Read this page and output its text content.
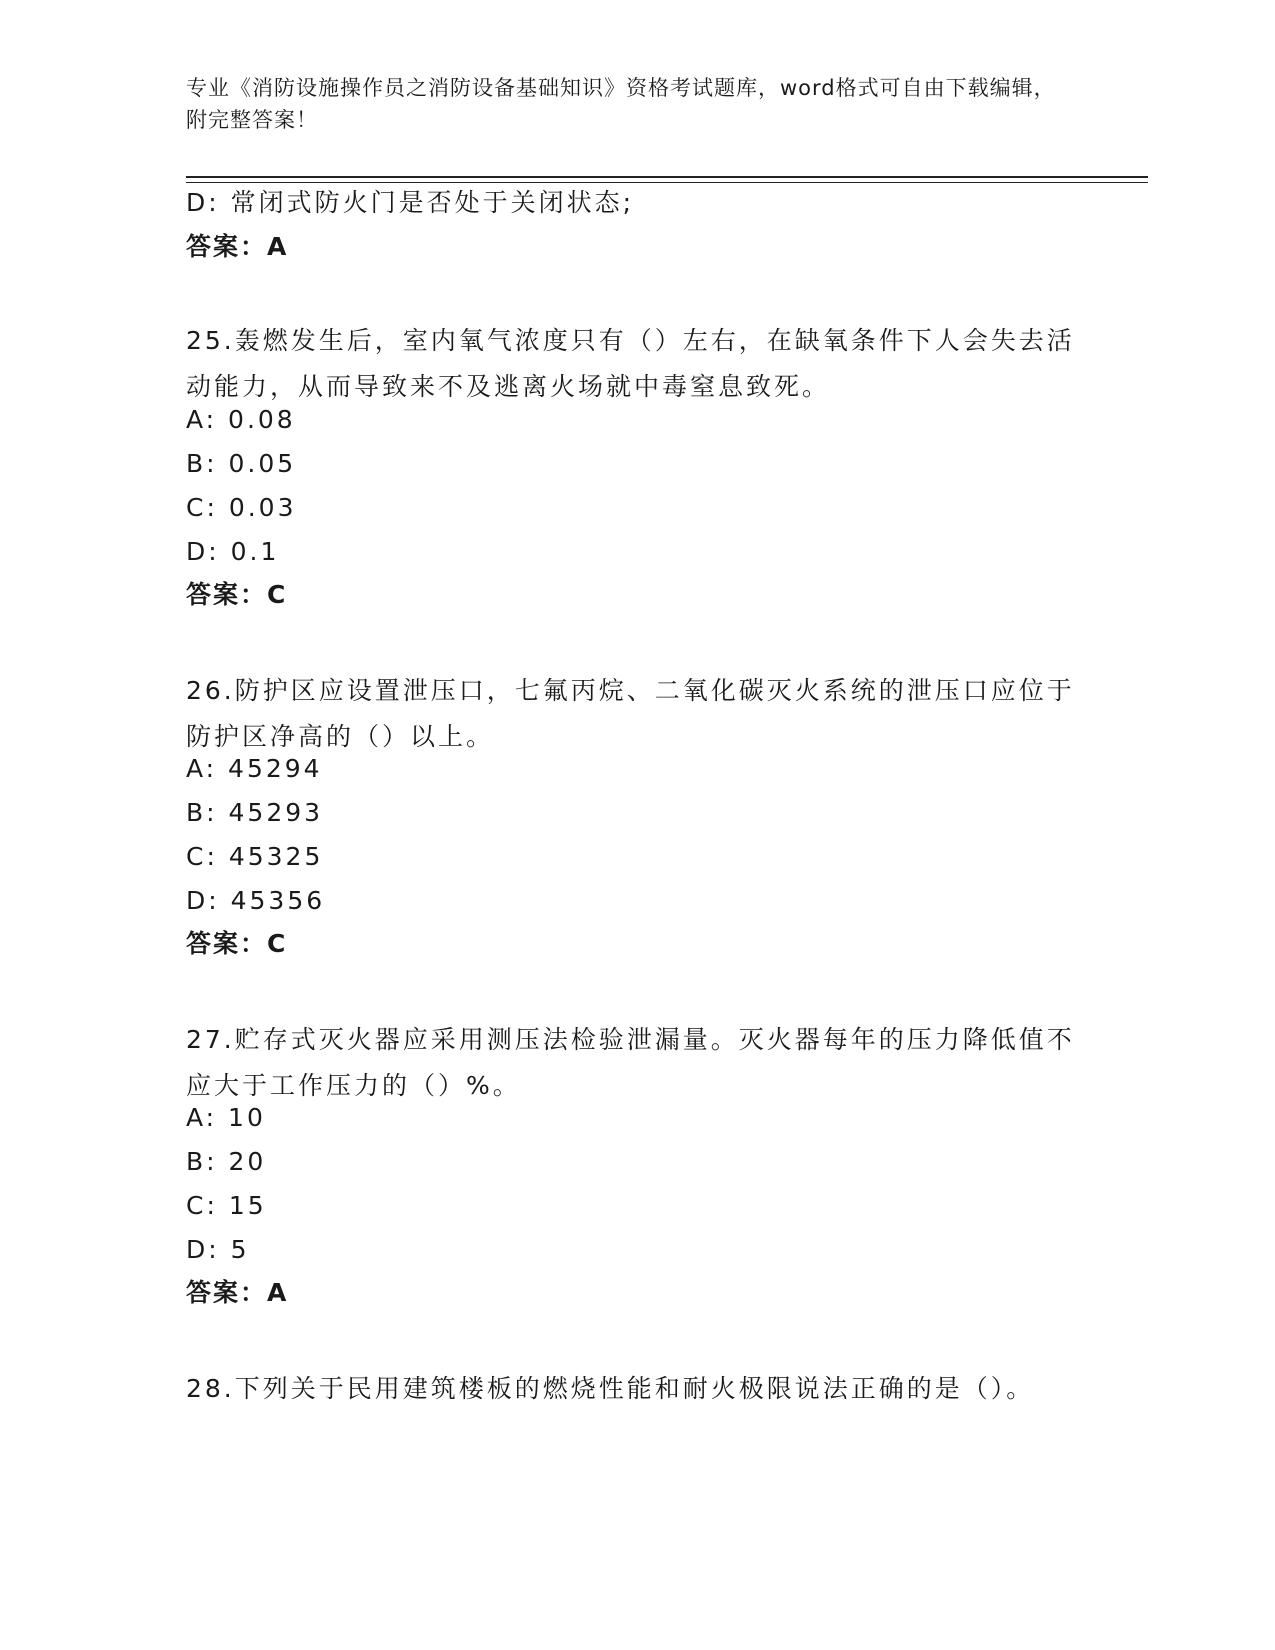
专业《消防设施操作员之消防设备基础知识》资格考试题库，word格式可自由下载编辑，附完整答案！
D: 常闭式防火门是否处于关闭状态;
答案：A
25.轰燃发生后，室内氧气浓度只有（）左右，在缺氧条件下人会失去活动能力，从而导致来不及逃离火场就中毒窒息致死。
A: 0.08
B: 0.05
C: 0.03
D: 0.1
答案：C
26.防护区应设置泄压口，七氟丙烷、二氧化碳灭火系统的泄压口应位于防护区净高的（）以上。
A: 45294
B: 45293
C: 45325
D: 45356
答案：C
27.贮存式灭火器应采用测压法检验泄漏量。灭火器每年的压力降低值不应大于工作压力的（）%。
A: 10
B: 20
C: 15
D: 5
答案：A
28.下列关于民用建筑楼板的燃烧性能和耐火极限说法正确的是（）。
